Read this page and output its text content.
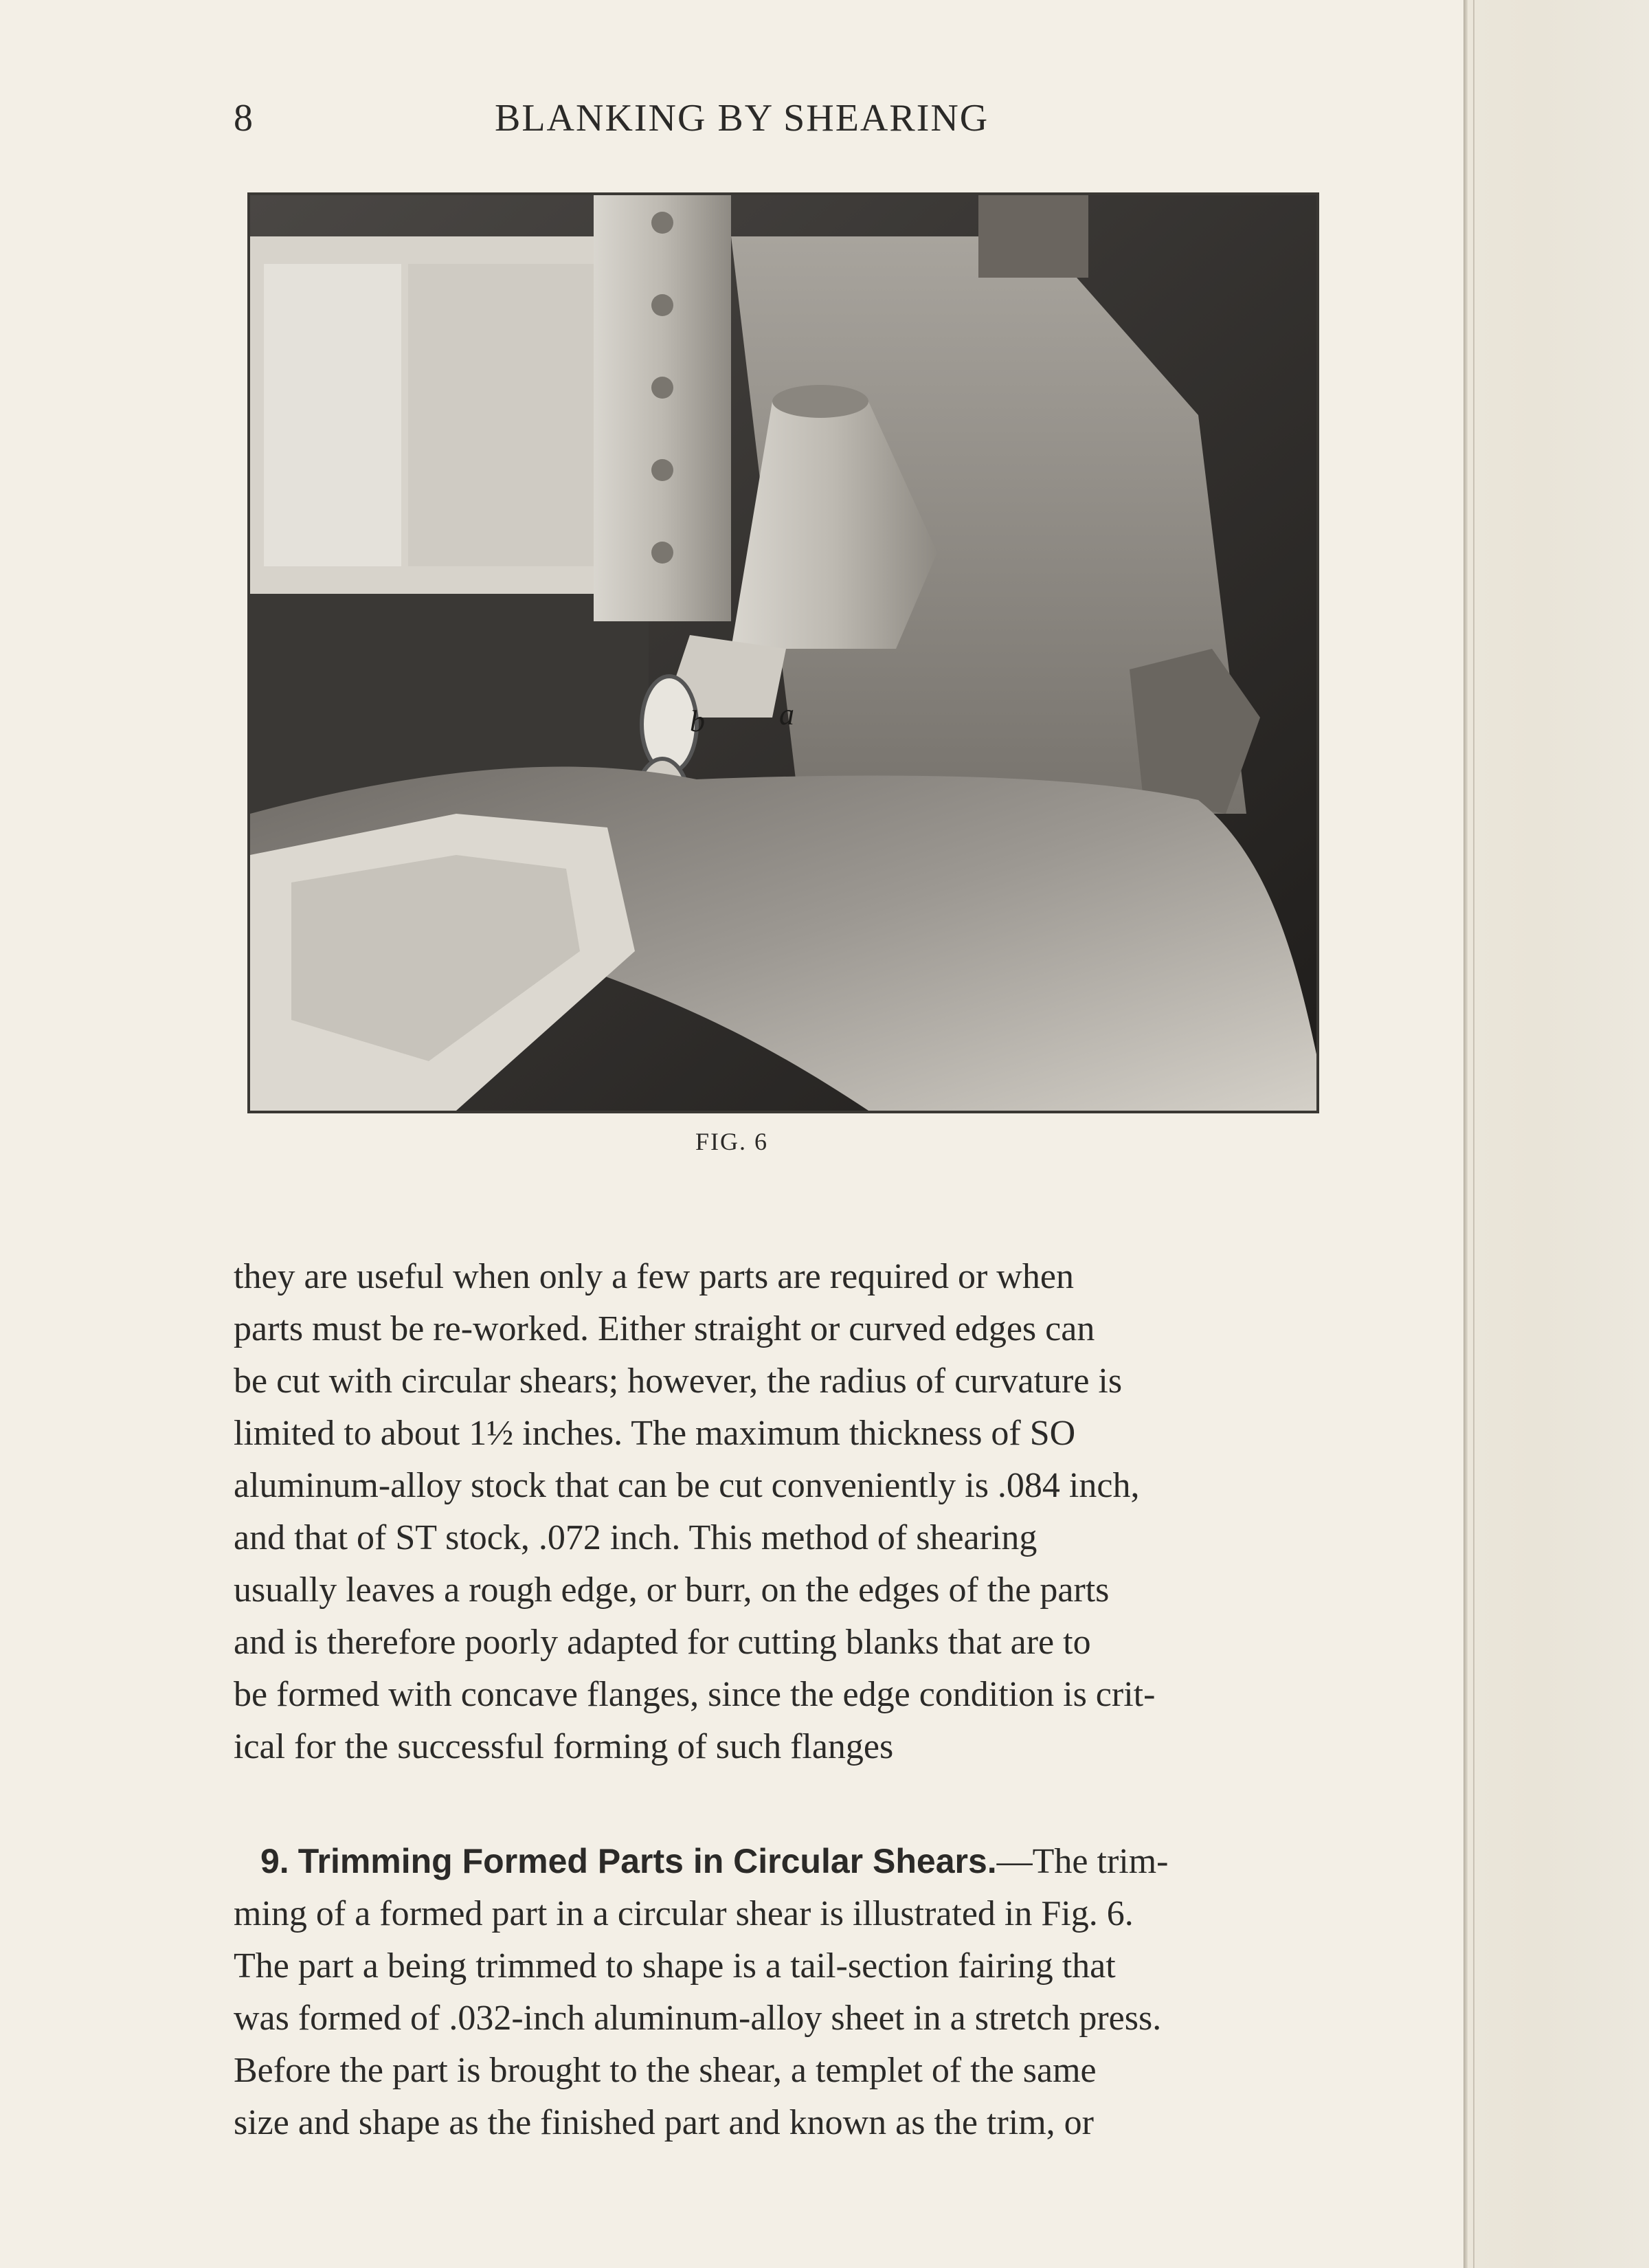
8	BLANKING BY SHEARING
b a
FIG. 6
they are useful when only a few parts are required or when
parts must be re-worked. Either straight or curved edges can
be cut with circular shears; however, the radius of curvature is
limited to about 1½ inches. The maximum thickness of SO
aluminum-alloy stock that can be cut conveniently is .084 inch,
and that of ST stock, .072 inch. This method of shearing
usually leaves a rough edge, or burr, on the edges of the parts
and is therefore poorly adapted for cutting blanks that are to
be formed with concave flanges, since the edge condition is crit-
ical for the successful forming of such flanges
9. Trimming Formed Parts in Circular Shears.—The trim-
ming of a formed part in a circular shear is illustrated in Fig. 6.
The part a being trimmed to shape is a tail-section fairing that
was formed of .032-inch aluminum-alloy sheet in a stretch press.
Before the part is brought to the shear, a templet of the same
size and shape as the finished part and known as the trim, or
